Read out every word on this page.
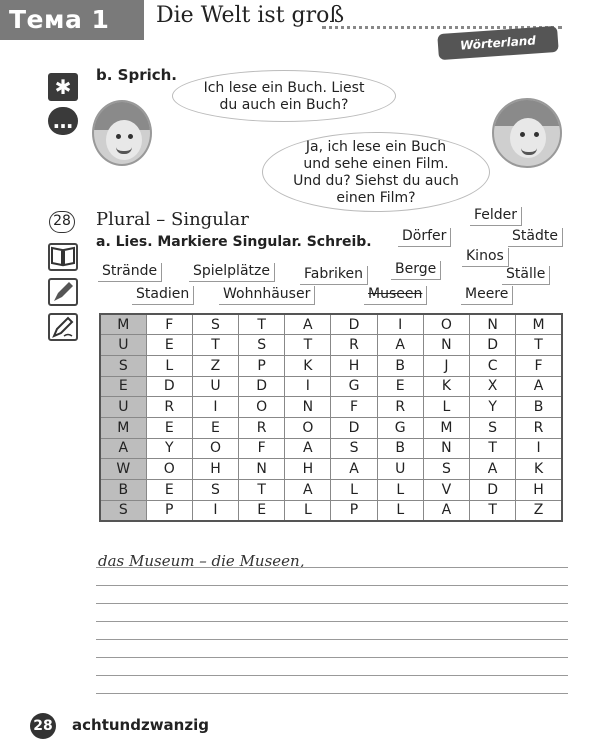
Тема 1	Die Welt ist groß
Wörterland
✱
…
b. Sprich.
Ich lese ein Buch. Liest
du auch ein Buch?
Ja, ich lese ein Buch
und sehe einen Film.
Und du? Siehst du auch
einen Film?
28 Plural – Singular
a. Lies. Markiere Singular. Schreib.
Felder
Dörfer	Städte
Kinos
Strände	Spielplätze	Fabriken	Berge	Ställe
Stadien	Wohnhäuser	Museen	Meere
M	F	S	T	A	D	I	O	N	M
U	E	T	S	T	R	A	N	D	T
S	L	Z	P	K	H	B	J	C	F
E	D	U	D	I	G	E	K	X	A
U	R	I	O	N	F	R	L	Y	B
M	E	E	R	O	D	G	M	S	R
A	Y	O	F	A	S	B	N	T	I
W	O	H	N	H	A	U	S	A	K
B	E	S	T	A	L	L	V	D	H
S	P	I	E	L	P	L	A	T	Z
das Museum – die Museen,
28 achtundzwanzig
